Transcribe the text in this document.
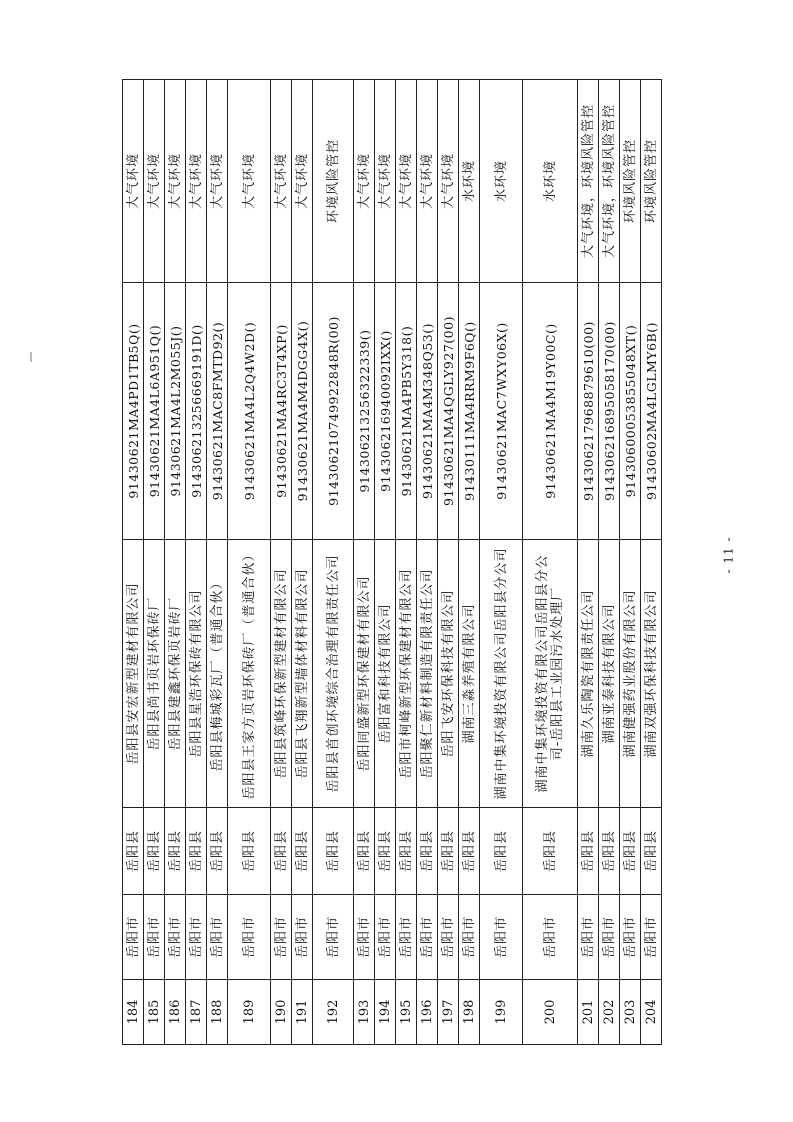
184	岳阳市	岳阳县	岳阳县安宏新型建材有限公司	91430621MA4PD1TB5Q()	大气环境
185	岳阳市	岳阳县	岳阳县尚书页岩环保砖厂	91430621MA4L6A951Q()	大气环境
186	岳阳市	岳阳县	岳阳县建鑫环保页岩砖厂	91430621MA4L2M055J()	大气环境
187	岳阳市	岳阳县	岳阳县星浩环保砖有限公司	914306213256669191D()	大气环境
188	岳阳市	岳阳县	岳阳县梅城彩瓦厂（普通合伙）	91430621MAC8FMTD92()	大气环境
189	岳阳市	岳阳县	岳阳县王家方页岩环保砖厂（普通合伙）	91430621MA4L2Q4W2D()	大气环境
190	岳阳市	岳阳县	岳阳县筑峰环保新型建材有限公司	91430621MA4RC3T4XP()	大气环境
191	岳阳市	岳阳县	岳阳县飞翔新型墙体材料有限公司	91430621MA4M4DGG4X()	大气环境
192	岳阳市	岳阳县	岳阳县首创环境综合治理有限责任公司	914306210749922848R(00)	环境风险管控
193	岳阳市	岳阳县	岳阳同盛新型环保建材有限公司	914306213256322339()	大气环境
194	岳阳市	岳阳县	岳阳富和科技有限公司	914306216940092IXX()	大气环境
195	岳阳市	岳阳县	岳阳市柯峰新型环保建材有限公司	91430621MA4PB5Y318()	大气环境
196	岳阳市	岳阳县	岳阳聚仁新材料制造有限责任公司	91430621MA4M348Q53()	大气环境
197	岳阳市	岳阳县	岳阳飞安环保科技有限公司	91430621MA4QGLY927(00)	大气环境
198	岳阳市	岳阳县	湖南三淼养殖有限公司	91430111MA4RRM9F6Q()	水环境
199	岳阳市	岳阳县	湖南中集环境投资有限公司岳阳县分公司	91430621MAC7WXY06X()	水环境
200	岳阳市	岳阳县	湖南中集环境投资有限公司岳阳县分公司-岳阳县工业园污水处理厂	91430621MA4M19Y00C()	水环境
201	岳阳市	岳阳县	湖南久乐陶瓷有限责任公司	914306217968879610(00)	大气环境，环境风险管控
202	岳阳市	岳阳县	湖南亚泰科技有限公司	914306216895058170(00)	大气环境，环境风险管控
203	岳阳市	岳阳县	湖南健强药业股份有限公司	91430600053855048XT()	环境风险管控
204	岳阳市	岳阳县	湖南双强环保科技有限公司	91430602MA4LGLMY6B()	环境风险管控
- 11 -
